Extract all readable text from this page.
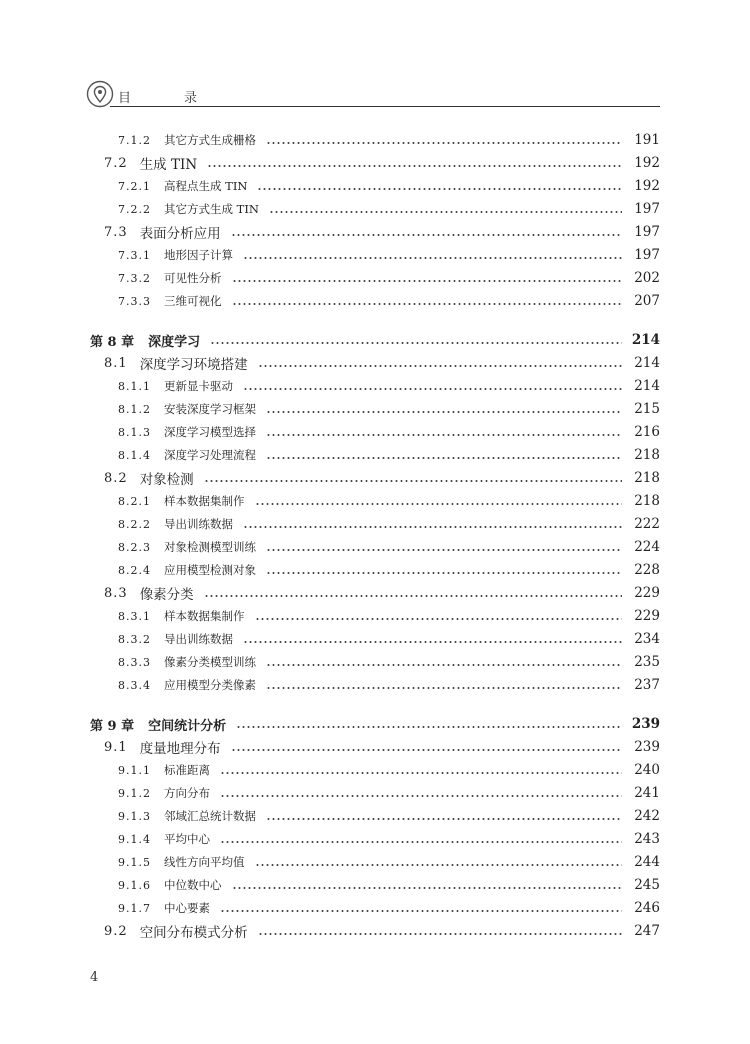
目　录
7.1.2 其它方式生成栅格	191
7.2 生成 TIN	192
7.2.1 高程点生成 TIN	192
7.2.2 其它方式生成 TIN	197
7.3 表面分析应用	197
7.3.1 地形因子计算	197
7.3.2 可见性分析	202
7.3.3 三维可视化	207
第 8 章 深度学习	214
8.1 深度学习环境搭建	214
8.1.1 更新显卡驱动	214
8.1.2 安装深度学习框架	215
8.1.3 深度学习模型选择	216
8.1.4 深度学习处理流程	218
8.2 对象检测	218
8.2.1 样本数据集制作	218
8.2.2 导出训练数据	222
8.2.3 对象检测模型训练	224
8.2.4 应用模型检测对象	228
8.3 像素分类	229
8.3.1 样本数据集制作	229
8.3.2 导出训练数据	234
8.3.3 像素分类模型训练	235
8.3.4 应用模型分类像素	237
第 9 章 空间统计分析	239
9.1 度量地理分布	239
9.1.1 标准距离	240
9.1.2 方向分布	241
9.1.3 邻域汇总统计数据	242
9.1.4 平均中心	243
9.1.5 线性方向平均值	244
9.1.6 中位数中心	245
9.1.7 中心要素	246
9.2 空间分布模式分析	247
4
